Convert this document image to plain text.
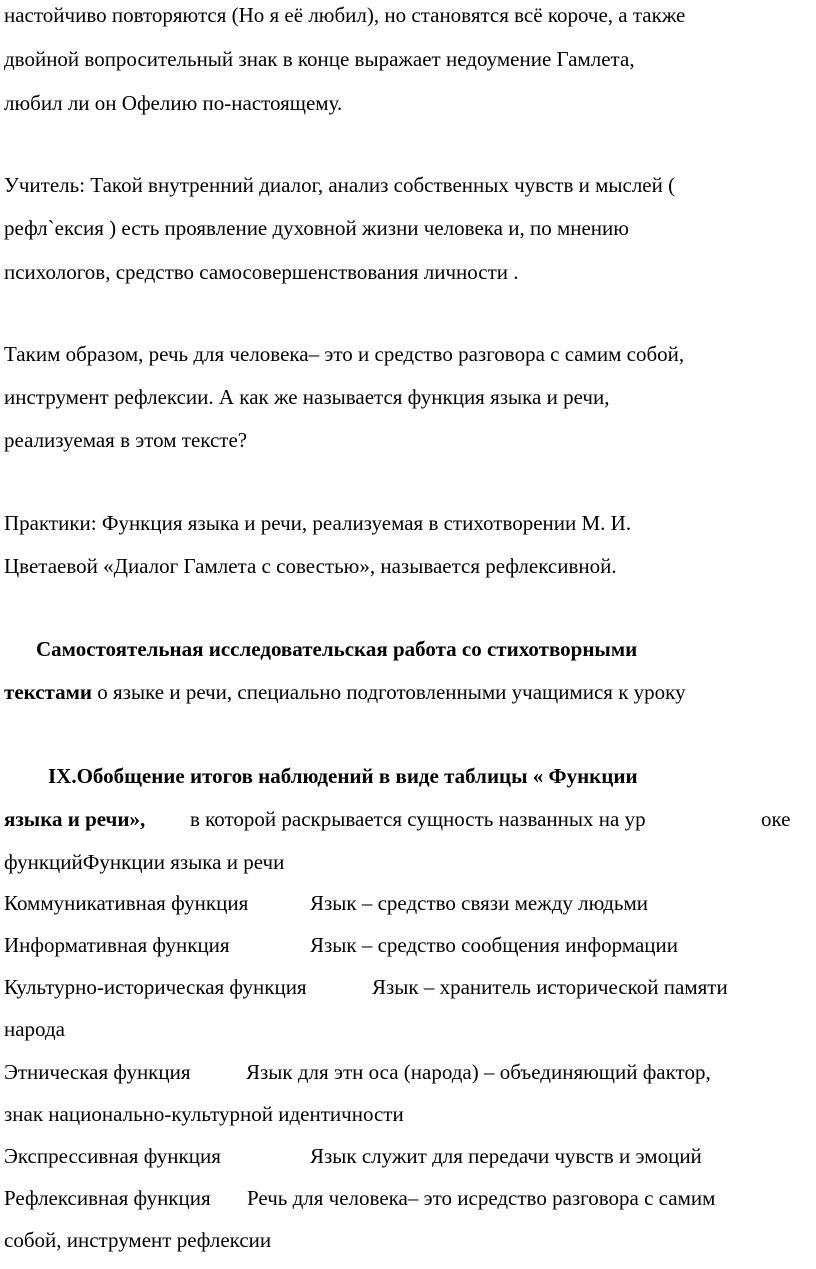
настойчиво повторяются (Но я её любил), но становятся всё короче, а также
двойной вопросительный знак в конце выражает недоумение Гамлета,
любил ли он Офелию по-настоящему.
Учитель: Такой внутренний диалог, анализ собственных чувств и мыслей (
рефл`ексия ) есть проявление духовной жизни человека и, по мнению
психологов, средство самосовершенствования личности .
Таким образом, речь для человека– это и средство разговора с самим собой,
инструмент рефлексии. А как же называется функция языка и речи,
реализуемая в этом тексте?
Практики: Функция языка и речи, реализуемая в стихотворении М. И.
Цветаевой «Диалог Гамлета с совестью», называется рефлексивной.
Самостоятельная исследовательская работа со стихотворными
текстами о языке и речи, специально подготовленными учащимися к уроку
IX.Обобщение итогов наблюдений в виде таблицы « Функции
языка и речи», в которой раскрывается сущность названных на ур	оке
функцийФункции языка и речи
Коммуникативная функция	Язык – средство связи между людьми
Информативная функция	Язык – средство сообщения информации
Культурно-историческая функция	Язык – хранитель исторической памяти
народа
Этническая функция	Язык для этн оса (народа) – объединяющий фактор,
знак национально-культурной идентичности
Экспрессивная функция	Язык служит для передачи чувств и эмоций
Рефлексивная функция Речь для человека– это исредство разговора с самим
собой, инструмент рефлексии
